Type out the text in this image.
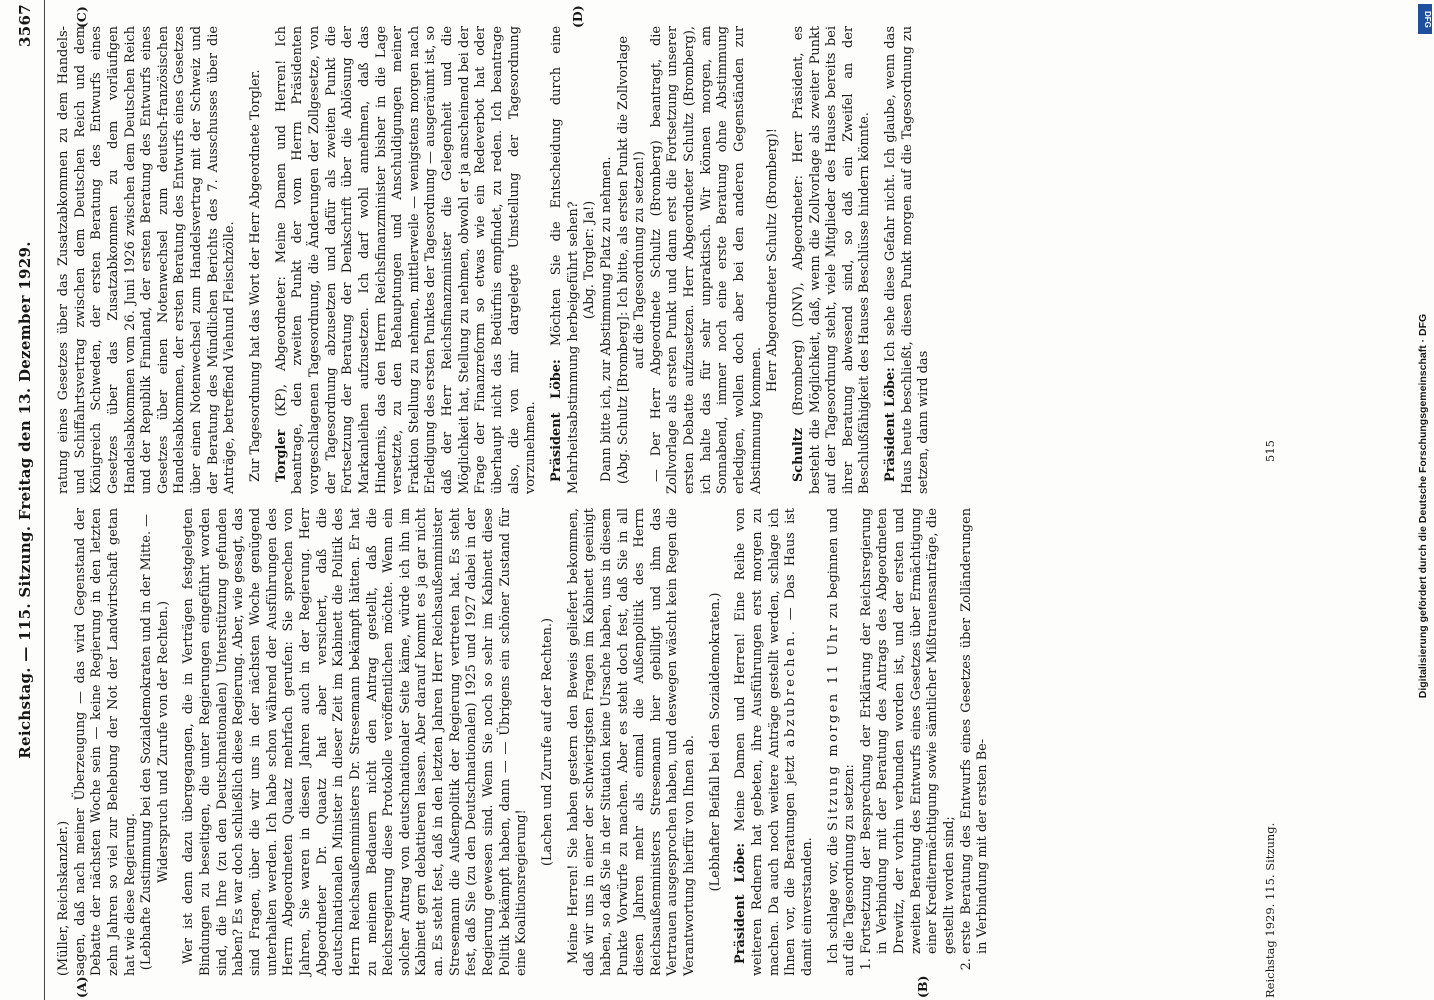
Reichstag. — 115. Sitzung. Freitag den 13. Dezember 1929.
3567
(A)	(B)
(C)	(D)

(Müller, Reichskanzler.) sagen, daß nach meiner Überzeugung — das wird Gegenstand der Debatte der nächsten Woche sein — keine Regierung in den letzten zehn Jahren so viel zur Behebung der Not der Landwirtschaft getan hat wie diese Regierung. (Lebhafte Zustimmung bei den Sozialdemokraten und in der Mitte. — Widerspruch und Zurufe von der Rechten.) Wer ist denn dazu übergegangen, die in Verträgen festgelegten Bindungen zu beseitigen, die unter Regierungen eingeführt worden sind, die Ihre (zu den Deutschnationalen) Unterstützung gefunden haben? Es war doch schließlich diese Regierung. Aber, wie gesagt, das sind Fragen, über die wir uns in der nächsten Woche genügend unterhalten werden. Ich habe schon während der Ausführungen des Herrn Abgeordneten Quaatz mehrfach gerufen: Sie sprechen von Jahren, Sie waren in diesen Jahren auch in der Regierung. Herr Abgeordneter Dr. Quaatz hat aber versichert, daß die deutschnationalen Minister in dieser Zeit im Kabinett die Politik des Herrn Reichsaußenministers Dr. Stresemann bekämpft hätten. Er hat zu meinem Bedauern nicht den Antrag gestellt, daß die Reichsregierung diese Protokolle veröffentlichen möchte. Wenn ein solcher Antrag von deutschnationaler Seite käme, würde ich ihn im Kabinett gern debattieren lassen. Aber darauf kommt es ja gar nicht an. Es steht fest, daß in den letzten Jahren Herr Reichsaußenminister Stresemann die Außenpolitik der Regierung vertreten hat. Es steht fest, daß Sie (zu den Deutschnationalen) 1925 und 1927 dabei in der Regierung gewesen sind. Wenn Sie noch so sehr im Kabinett diese Politik bekämpft haben, dann — — Übrigens ein schöner Zustand für eine Koalitionsregierung!

(Lachen und Zurufe auf der Rechten.) Meine Herren! Sie haben gestern den Beweis geliefert bekommen, daß wir uns in einer der schwierigsten Fragen im Kabinett geeinigt haben, so daß Sie in der Situation keine Ursache haben, uns in diesem Punkte Vorwürfe zu machen. Aber es steht doch fest, daß Sie in all diesen Jahren mehr als einmal die Außenpolitik des Herrn Reichsaußenministers Stresemann hier gebilligt und ihm das Vertrauen ausgesprochen haben, und deswegen wäscht kein Regen die Verantwortung hierfür von Ihnen ab. (Lebhafter Beifall bei den Sozialdemokraten.)

Präsident Löbe: Meine Damen und Herren! Eine Reihe von weiteren Rednern hat gebeten, ihre Ausführungen erst morgen zu machen. Da auch noch weitere Anträge gestellt werden, schlage ich Ihnen vor, die Beratungen jetzt abzubrechen. — Das Haus ist damit einverstanden. Ich schlage vor, die Sitzung morgen 11 Uhr zu beginnen und auf die Tagesordnung zu setzen: 1. Fortsetzung der Besprechung der Erklärung der Reichsregierung in Verbindung mit der Beratung des Antrags des Abgeordneten Drewitz, der vorhin verbunden worden ist, und der ersten und zweiten Beratung des Entwurfs eines Gesetzes über Ermächtigung einer Kreditermächtigung sowie sämtlicher Mißtrauensanträge, die gestellt worden sind; 2. erste Beratung des Entwurfs eines Gesetzes über Zolländerungen in Verbindung mit der ersten Be-

ratung eines Gesetzes über das Zusatzabkommen zu dem Handels- und Schiffahrtsvertrag zwischen dem Deutschen Reich und dem Königreich Schweden, der ersten Beratung des Entwurfs eines Gesetzes über das Zusatzabkommen zu dem vorläufigen Handelsabkommen vom 26. Juni 1926 zwischen dem Deutschen Reich und der Republik Finnland, der ersten Beratung des Entwurfs eines Gesetzes über einen Notenwechsel zum deutsch-französischen Handelsabkommen, der ersten Beratung des Entwurfs eines Gesetzes über einen Notenwechsel zum Handelsvertrag mit der Schweiz und der Beratung des Mündlichen Berichts des 7. Ausschusses über die Anträge, betreffend Viehund Fleischzölle. Zur Tagesordnung hat das Wort der Herr Abgeordnete Torgler. Torgler (KP), Abgeordneter: Meine Damen und Herren! Ich beantrage, den zweiten Punkt der vom Herrn Präsidenten vorgeschlagenen Tagesordnung, die Änderungen der Zollgesetze, von der Tagesordnung abzusetzen und dafür als zweiten Punkt die Fortsetzung der Beratung der Denkschrift über die Ablösung der Markanleihen aufzusetzen. Ich darf wohl annehmen, daß das Hindernis, das den Herrn Reichsfinanzminister bisher in die Lage versetzte, zu den Behauptungen und Anschuldigungen meiner Fraktion Stellung zu nehmen, mittlerweile — wenigstens morgen nach Erledigung des ersten Punktes der Tagesordnung — ausgeräumt ist, so daß der Herr Reichsfinanzminister die Gelegenheit und die Möglichkeit hat, Stellung zu nehmen, obwohl er ja anscheinend bei der Frage der Finanzreform so etwas wie ein Redeverbot hat oder überhaupt nicht das Bedürfnis empfindet, zu reden. Ich beantrage also, die von mir dargelegte Umstellung der Tagesordnung vorzunehmen. Präsident Löbe: Möchten Sie die Entscheidung durch eine Mehrheitsabstimmung herbeigeführt sehen? (Abg. Torgler: Ja!) Dann bitte ich, zur Abstimmung Platz zu nehmen. (Abg. Schultz [Bromberg]: Ich bitte, als ersten Punkt die Zollvorlage auf die Tagesordnung zu setzen!) — Der Herr Abgeordnete Schultz (Bromberg) beantragt, die Zollvorlage als ersten Punkt und dann erst die Fortsetzung unserer ersten Debatte aufzusetzen. Herr Abgeordneter Schultz (Bromberg), ich halte das für sehr unpraktisch. Wir können morgen, am Sonnabend, immer noch eine erste Beratung ohne Abstimmung erledigen, wollen doch aber bei den anderen Gegenständen zur Abstimmung kommen.

Herr Abgeordneter Schultz (Bromberg)!

Schultz (Bromberg) (DNV), Abgeordneter: Herr Präsident, es besteht die Möglichkeit, daß, wenn die Zollvorlage als zweiter Punkt auf der Tagesordnung steht, viele Mitglieder des Hauses bereits bei ihrer Beratung abwesend sind, so daß ein Zweifel an der Beschlußfähigkeit des Hauses Beschlüsse hindern könnte. Präsident Löbe: Ich sehe diese Gefahr nicht. Ich glaube, wenn das Haus heute beschließt, diesen Punkt morgen auf die Tagesordnung zu setzen, dann wird das

Reichstag 1929. 115. Sitzung.
515	Digitalisierung gefördert durch die Deutsche Forschungsgemeinschaft · DFG
DFG
